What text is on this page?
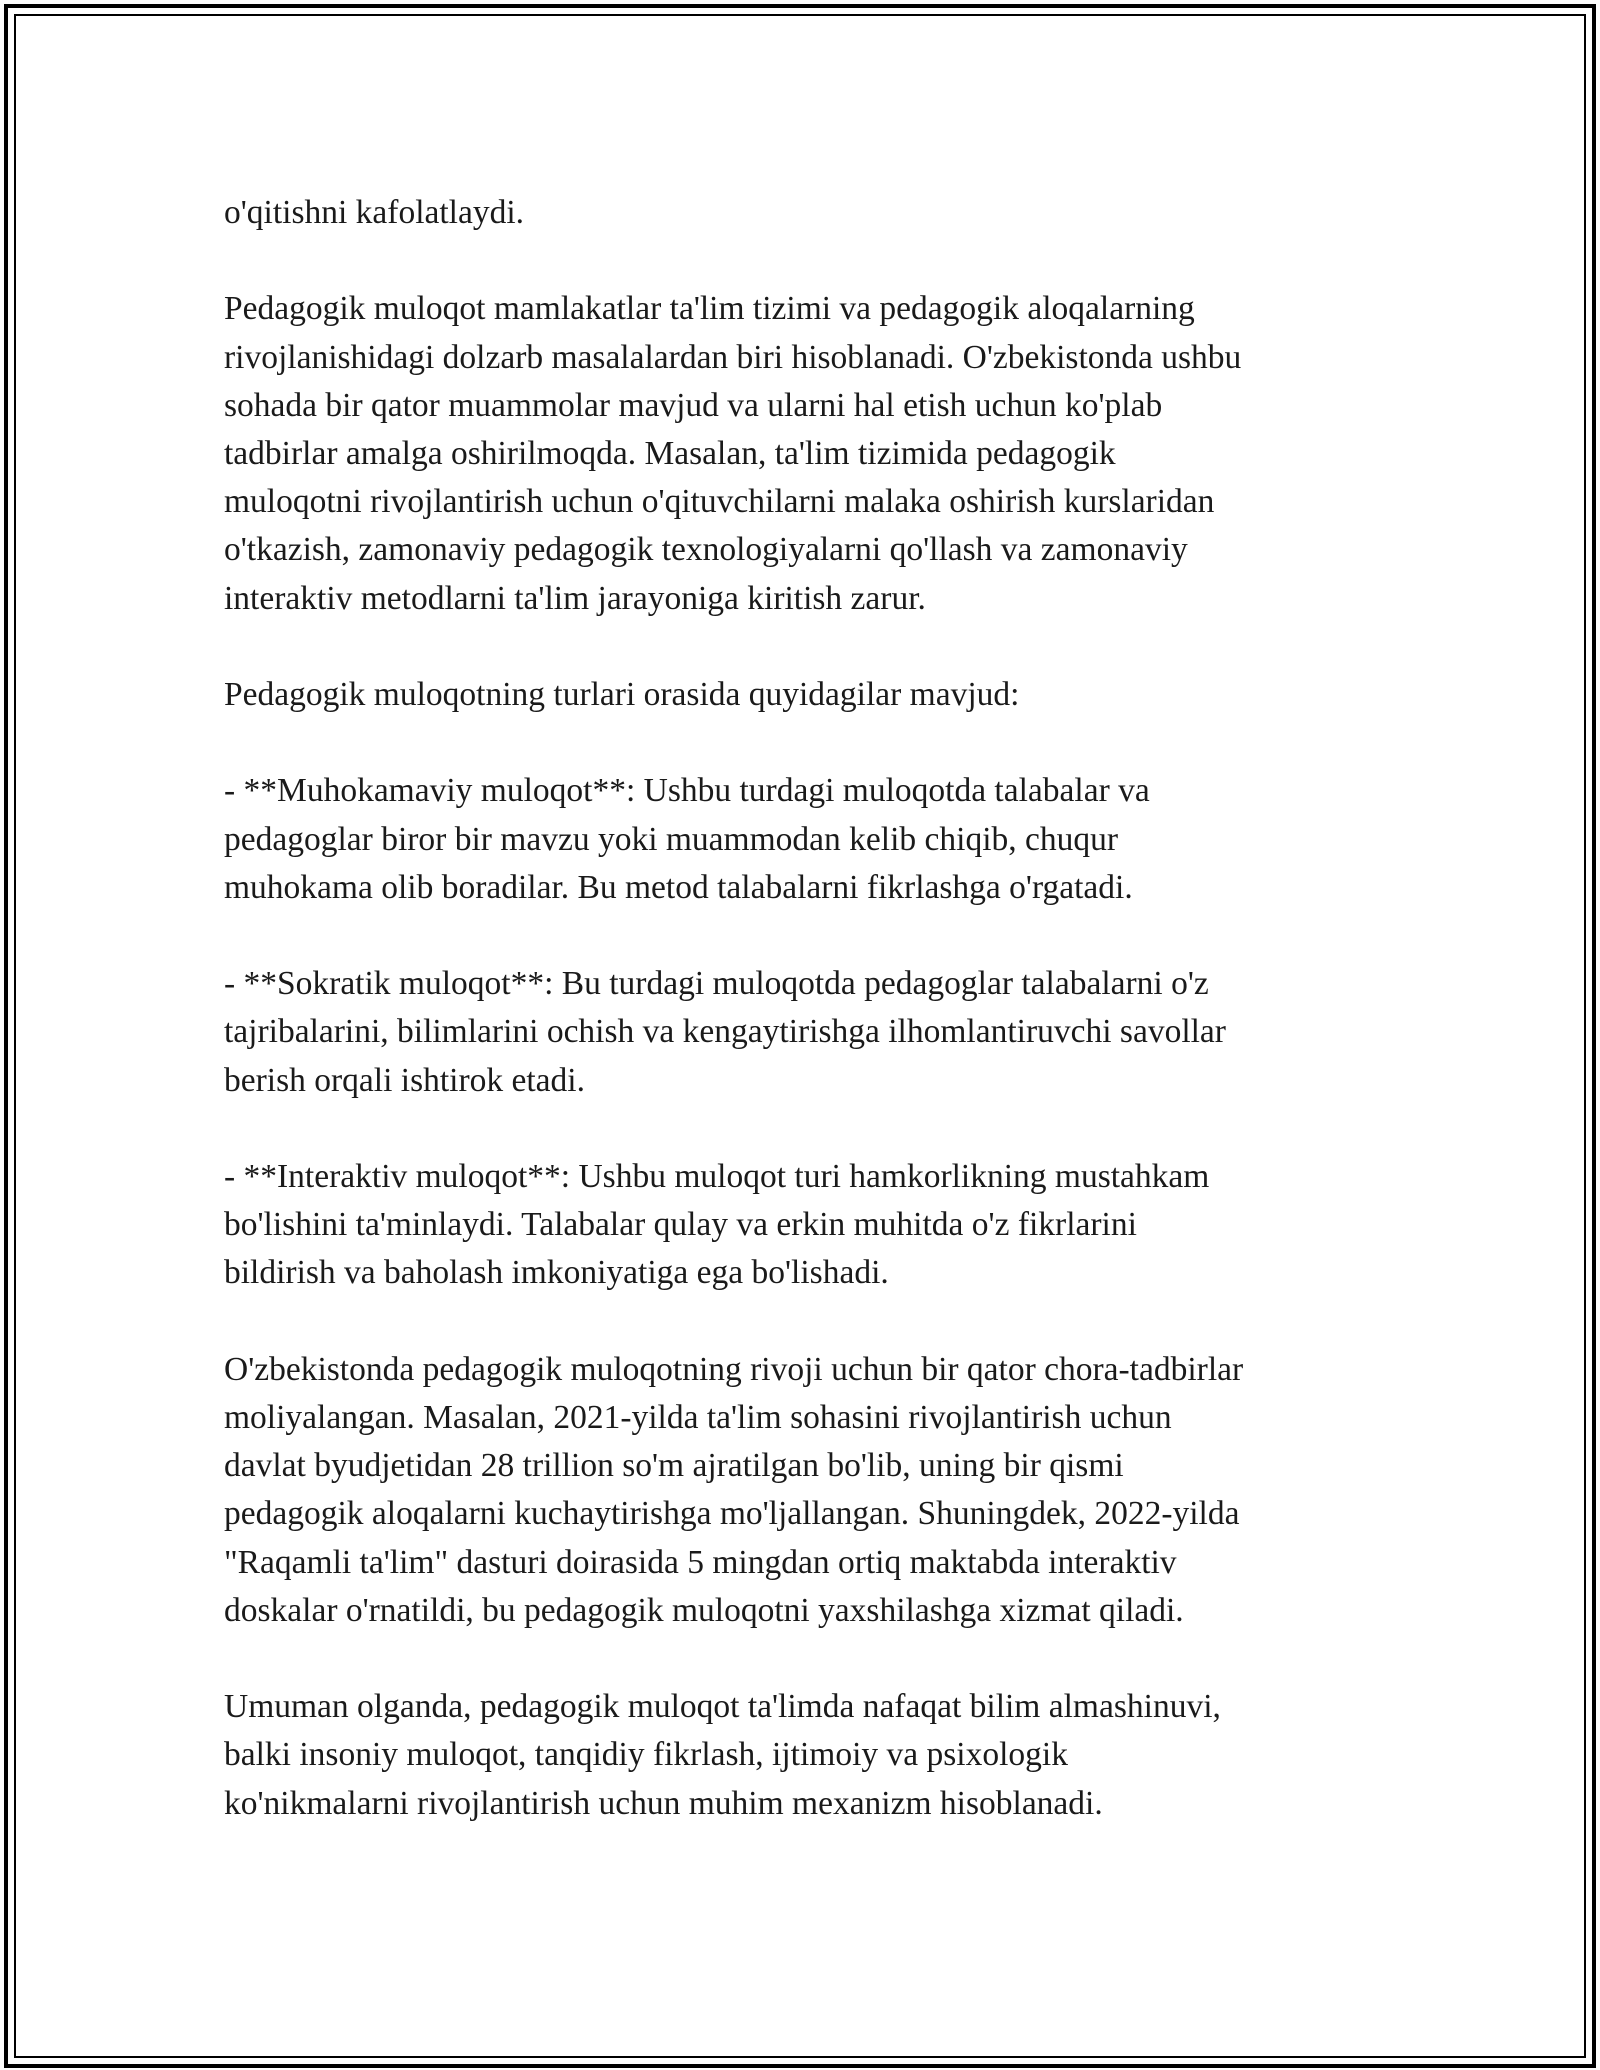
o'qitishni kafolatlaydi.

Pedagogik muloqot mamlakatlar ta'lim tizimi va pedagogik aloqalarning
rivojlanishidagi dolzarb masalalardan biri hisoblanadi. O'zbekistonda ushbu
sohada bir qator muammolar mavjud va ularni hal etish uchun ko'plab
tadbirlar amalga oshirilmoqda. Masalan, ta'lim tizimida pedagogik
muloqotni rivojlantirish uchun o'qituvchilarni malaka oshirish kurslaridan
o'tkazish, zamonaviy pedagogik texnologiyalarni qo'llash va zamonaviy
interaktiv metodlarni ta'lim jarayoniga kiritish zarur.

Pedagogik muloqotning turlari orasida quyidagilar mavjud:

- **Muhokamaviy muloqot**: Ushbu turdagi muloqotda talabalar va
pedagoglar biror bir mavzu yoki muammodan kelib chiqib, chuqur
muhokama olib boradilar. Bu metod talabalarni fikrlashga o'rgatadi.

- **Sokratik muloqot**: Bu turdagi muloqotda pedagoglar talabalarni o'z
tajribalarini, bilimlarini ochish va kengaytirishga ilhomlantiruvchi savollar
berish orqali ishtirok etadi.

- **Interaktiv muloqot**: Ushbu muloqot turi hamkorlikning mustahkam
bo'lishini ta'minlaydi. Talabalar qulay va erkin muhitda o'z fikrlarini
bildirish va baholash imkoniyatiga ega bo'lishadi.

O'zbekistonda pedagogik muloqotning rivoji uchun bir qator chora-tadbirlar
moliyalangan. Masalan, 2021-yilda ta'lim sohasini rivojlantirish uchun
davlat byudjetidan 28 trillion so'm ajratilgan bo'lib, uning bir qismi
pedagogik aloqalarni kuchaytirishga mo'ljallangan. Shuningdek, 2022-yilda
"Raqamli ta'lim" dasturi doirasida 5 mingdan ortiq maktabda interaktiv
doskalar o'rnatildi, bu pedagogik muloqotni yaxshilashga xizmat qiladi.

Umuman olganda, pedagogik muloqot ta'limda nafaqat bilim almashinuvi,
balki insoniy muloqot, tanqidiy fikrlash, ijtimoiy va psixologik
ko'nikmalarni rivojlantirish uchun muhim mexanizm hisoblanadi.
